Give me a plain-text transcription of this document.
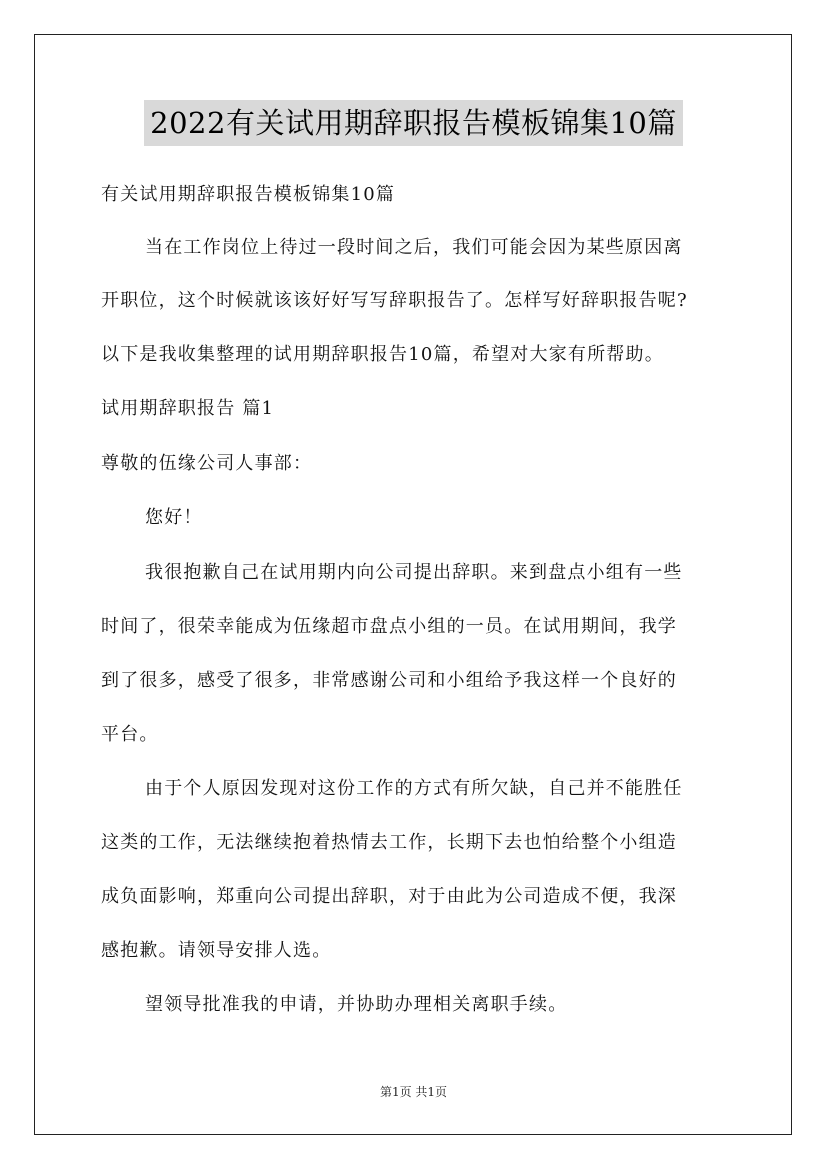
2022有关试用期辞职报告模板锦集10篇
有关试用期辞职报告模板锦集10篇
当在工作岗位上待过一段时间之后，我们可能会因为某些原因离
开职位，这个时候就该该好好写写辞职报告了。怎样写好辞职报告呢?
以下是我收集整理的试用期辞职报告10篇，希望对大家有所帮助。
试用期辞职报告 篇1
尊敬的伍缘公司人事部：
您好！
我很抱歉自己在试用期内向公司提出辞职。来到盘点小组有一些
时间了，很荣幸能成为伍缘超市盘点小组的一员。在试用期间，我学
到了很多，感受了很多，非常感谢公司和小组给予我这样一个良好的
平台。
由于个人原因发现对这份工作的方式有所欠缺，自己并不能胜任
这类的工作，无法继续抱着热情去工作，长期下去也怕给整个小组造
成负面影响，郑重向公司提出辞职，对于由此为公司造成不便，我深
感抱歉。请领导安排人选。
望领导批准我的申请，并协助办理相关离职手续。
第1页 共1页
